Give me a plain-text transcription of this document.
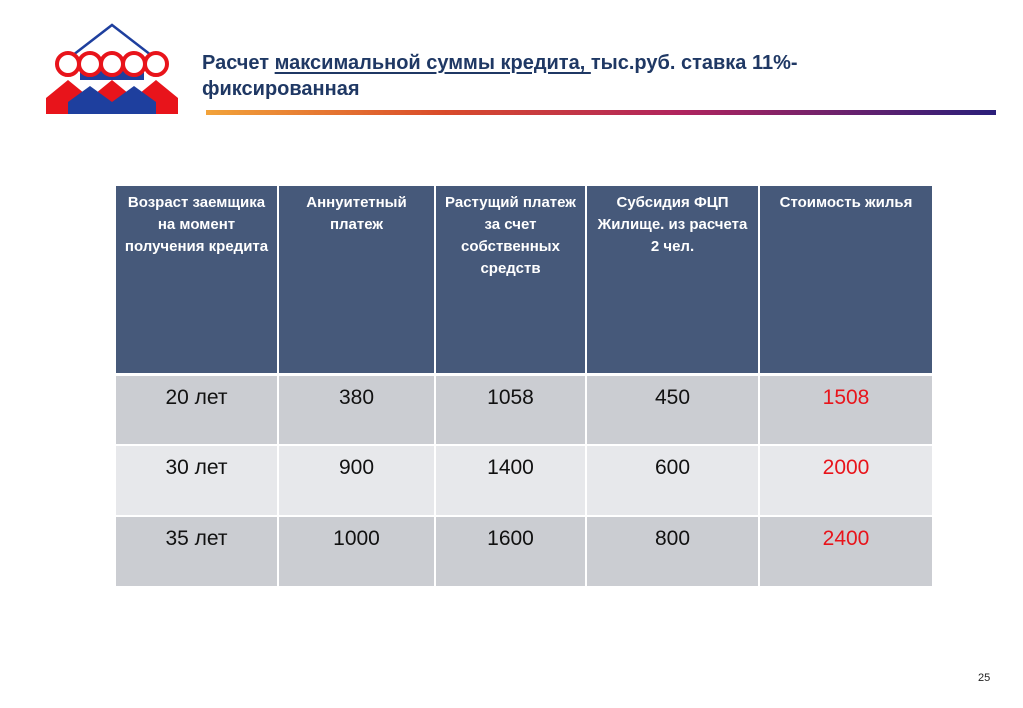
Расчет максимальной суммы кредита, тыс.руб. ставка 11%-
фиксированная
Возраст заемщика на момент получения кредита	Аннуитетный платеж	Растущий платеж за счет собственных средств	Субсидия ФЦП Жилище. из расчета 2 чел.	Стоимость жилья
20 лет	380	1058	450	1508
30 лет	900	1400	600	2000
35 лет	1000	1600	800	2400
25
